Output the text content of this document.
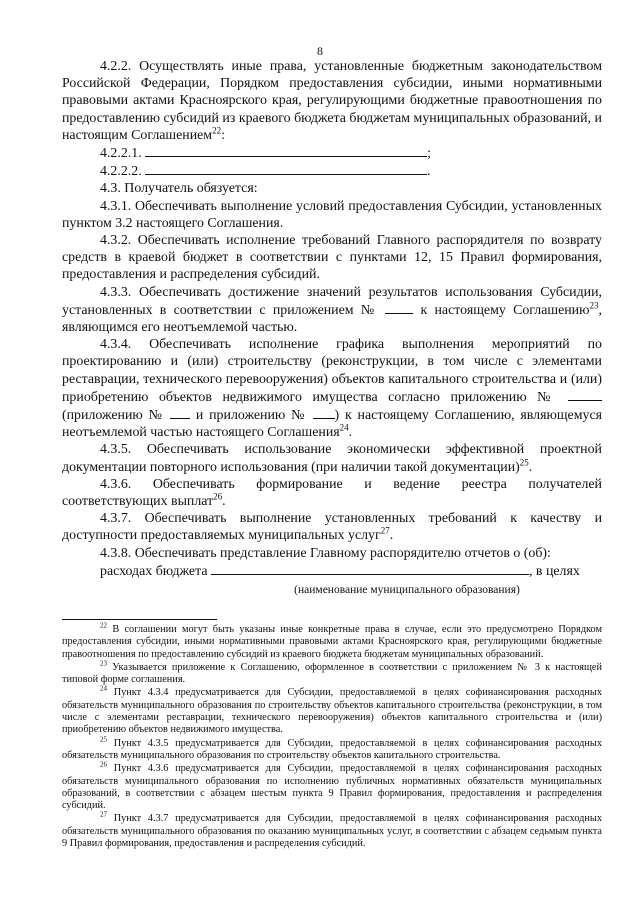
8

4.2.2. Осуществлять иные права, установленные бюджетным законодательством Российской Федерации, Порядком предоставления субсидии, иными нормативными правовыми актами Красноярского края, регулирующими бюджетные правоотношения по предоставлению субсидий из краевого бюджета бюджетам муниципальных образований, и настоящим Соглашением$^{22}$:

4.2.2.1.	;

4.2.2.2.	.

4.3. Получатель обязуется:

4.3.1. Обеспечивать выполнение условий предоставления Субсидии, установленных пунктом 3.2 настоящего Соглашения.

4.3.2. Обеспечивать исполнение требований Главного распорядителя по возврату средств в краевой бюджет в соответствии с пунктами 12, 15 Правил формирования, предоставления и распределения субсидий.

4.3.3. Обеспечивать достижение значений результатов использования Субсидии, установленных в соответствии с приложением №	к настоящему Соглашению$^{23}$, являющимся его неотъемлемой частью.

4.3.4. Обеспечивать исполнение графика выполнения мероприятий по проектированию и (или) строительству (реконструкции, в том числе с элементами реставрации, технического перевооружения) объектов капитального строительства и (или) приобретению объектов недвижимого имущества согласно приложению №  (приложению № и приложению № ) к настоящему Соглашению, являющемуся неотъемлемой частью настоящего Соглашения$^{24}$.

4.3.5. Обеспечивать использование экономически эффективной проектной документации повторного использования (при наличии такой документации)$^{25}$.

4.3.6. Обеспечивать формирование и ведение реестра получателей соответствующих выплат$^{26}$.

4.3.7. Обеспечивать выполнение установленных требований к качеству и доступности предоставляемых муниципальных услуг$^{27}$.

4.3.8. Обеспечивать представление Главному распорядителю отчетов о (об):

расходах бюджета	, в целях

(наименование муниципального образования)

$^{22}$ В соглашении могут быть указаны иные конкретные права в случае, если это предусмотрено Порядком предоставления субсидии, иными нормативными правовыми актами Красноярского края, регулирующими бюджетные правоотношения по предоставлению субсидий из краевого бюджета бюджетам муниципальных образований.

$^{23}$ Указывается приложение к Соглашению, оформленное в соответствии с приложением № 3 к настоящей типовой форме соглашения.

$^{24}$ Пункт 4.3.4 предусматривается для Субсидии, предоставляемой в целях софинансирования расходных обязательств муниципального образования по строительству объектов капитального строительства (реконструкции, в том числе с элементами реставрации, технического перевооружения) объектов капитального строительства и (или) приобретению объектов недвижимого имущества.

$^{25}$ Пункт 4.3.5 предусматривается для Субсидии, предоставляемой в целях софинансирования расходных обязательств муниципального образования по строительству объектов капитального строительства.

$^{26}$ Пункт 4.3.6 предусматривается для Субсидии, предоставляемой в целях софинансирования расходных обязательств муниципального образования по исполнению публичных нормативных обязательств муниципальных образований, в соответствии с абзацем шестым пункта 9 Правил формирования, предоставления и распределения субсидий.

$^{27}$ Пункт 4.3.7 предусматривается для Субсидии, предоставляемой в целях софинансирования расходных обязательств муниципального образования по оказанию муниципальных услуг, в соответствии с абзацем седьмым пункта 9 Правил формирования, предоставления и распределения субсидий.
